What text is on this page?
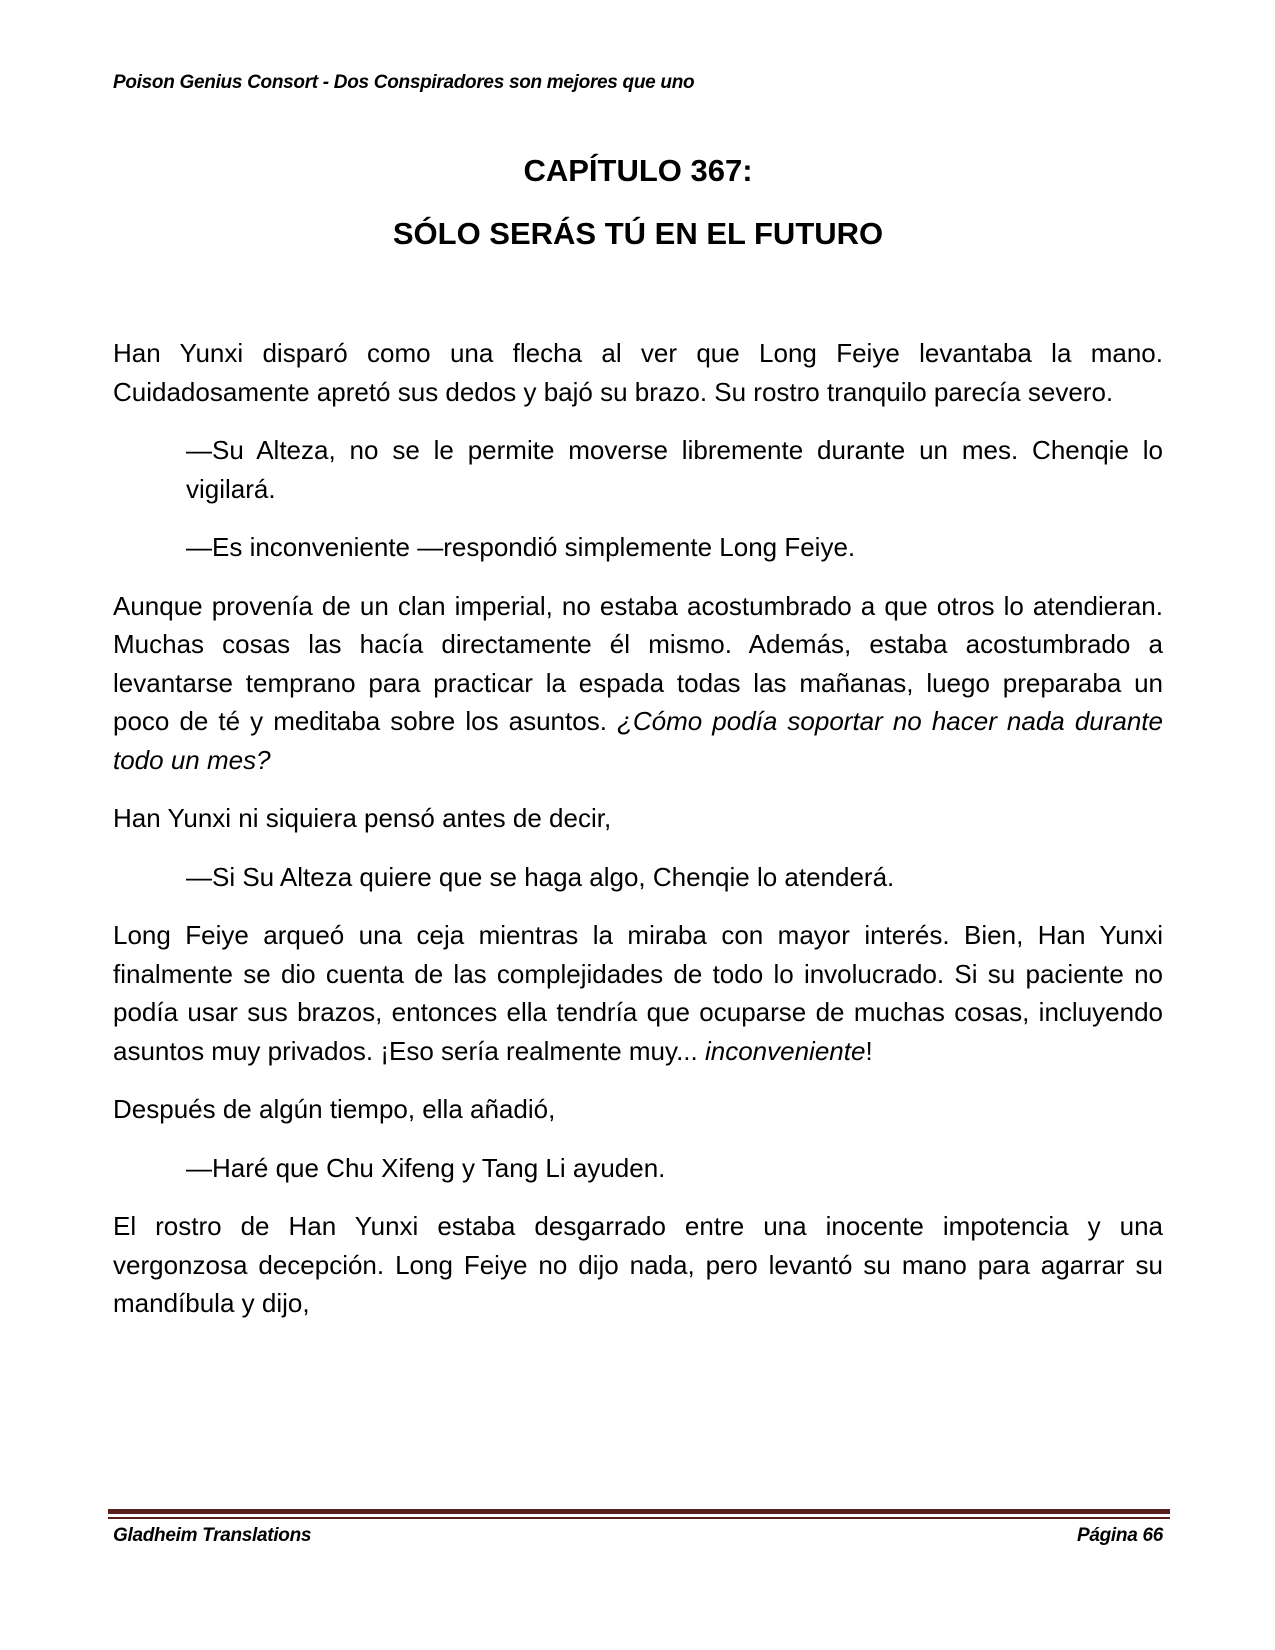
Poison Genius Consort - Dos Conspiradores son mejores que uno
CAPÍTULO 367:
SÓLO SERÁS TÚ EN EL FUTURO

Han Yunxi disparó como una flecha al ver que Long Feiye levantaba la mano. Cuidadosamente apretó sus dedos y bajó su brazo. Su rostro tranquilo parecía severo.

—Su Alteza, no se le permite moverse libremente durante un mes. Chenqie lo vigilará.

—Es inconveniente —respondió simplemente Long Feiye.

Aunque provenía de un clan imperial, no estaba acostumbrado a que otros lo atendieran. Muchas cosas las hacía directamente él mismo. Además, estaba acostumbrado a levantarse temprano para practicar la espada todas las mañanas, luego preparaba un poco de té y meditaba sobre los asuntos. ¿Cómo podía soportar no hacer nada durante todo un mes?

Han Yunxi ni siquiera pensó antes de decir,

—Si Su Alteza quiere que se haga algo, Chenqie lo atenderá.

Long Feiye arqueó una ceja mientras la miraba con mayor interés. Bien, Han Yunxi finalmente se dio cuenta de las complejidades de todo lo involucrado. Si su paciente no podía usar sus brazos, entonces ella tendría que ocuparse de muchas cosas, incluyendo asuntos muy privados. ¡Eso sería realmente muy... inconveniente!

Después de algún tiempo, ella añadió,

—Haré que Chu Xifeng y Tang Li ayuden.

El rostro de Han Yunxi estaba desgarrado entre una inocente impotencia y una vergonzosa decepción. Long Feiye no dijo nada, pero levantó su mano para agarrar su mandíbula y dijo,

Gladheim Translations	Página 66
